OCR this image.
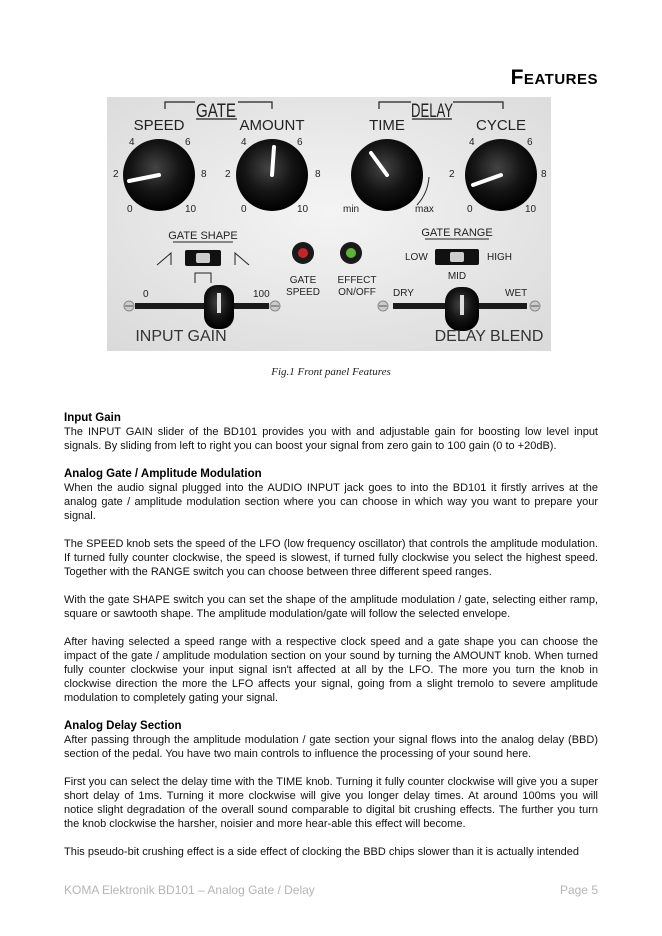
Features
GATE	DELAY
SPEED	AMOUNT	TIME	CYCLE
4	6
2	8
0	10
4	6
2	8
0	10	min	max
4	6
2	8
0	10
GATE SHAPE
GATE
SPEED
EFFECT
ON/OFF
GATE RANGE
LOW	HIGH
MID
0	100
INPUT GAIN
DRY	WET
DELAY BLEND
Fig.1 Front panel Features
Input Gain

The INPUT GAIN slider of the BD101 provides you with and adjustable gain for boosting low level input signals. By sliding from left to right you can boost your signal from zero gain to 100 gain (0 to +20dB).

Analog Gate / Amplitude Modulation

When the audio signal plugged into the AUDIO INPUT jack goes to into the BD101 it firstly arrives at the analog gate / amplitude modulation section where you can choose in which way you want to prepare your signal.

The SPEED knob sets the speed of the LFO (low frequency oscillator) that controls the amplitude modulation. If turned fully counter clockwise, the speed is slowest, if turned fully clockwise you select the highest speed. Together with the RANGE switch you can choose between three different speed ranges.

With the gate SHAPE switch you can set the shape of the amplitude modulation / gate, selecting either ramp, square or sawtooth shape. The amplitude modulation/gate will follow the selected envelope.

After having selected a speed range with a respective clock speed and a gate shape you can choose the impact of the gate / amplitude modulation section on your sound by turning the AMOUNT knob. When turned fully counter clockwise your input signal isn't affected at all by the LFO. The more you turn the knob in clockwise direction the more the LFO affects your signal, going from a slight tremolo to severe amplitude modulation to completely gating your signal.

Analog Delay Section

After passing through the amplitude modulation / gate section your signal flows into the analog delay (BBD) section of the pedal. You have two main controls to influence the processing of your sound here.

First you can select the delay time with the TIME knob. Turning it fully counter clockwise will give you a super short delay of 1ms. Turning it more clockwise will give you longer delay times. At around 100ms you will notice slight degradation of the overall sound comparable to digital bit crushing effects. The further you turn the knob clockwise the harsher, noisier and more hear-able this effect will become.

This pseudo-bit crushing effect is a side effect of clocking the BBD chips slower than it is actually intended

KOMA Elektronik BD101 – Analog Gate / Delay	Page 5
